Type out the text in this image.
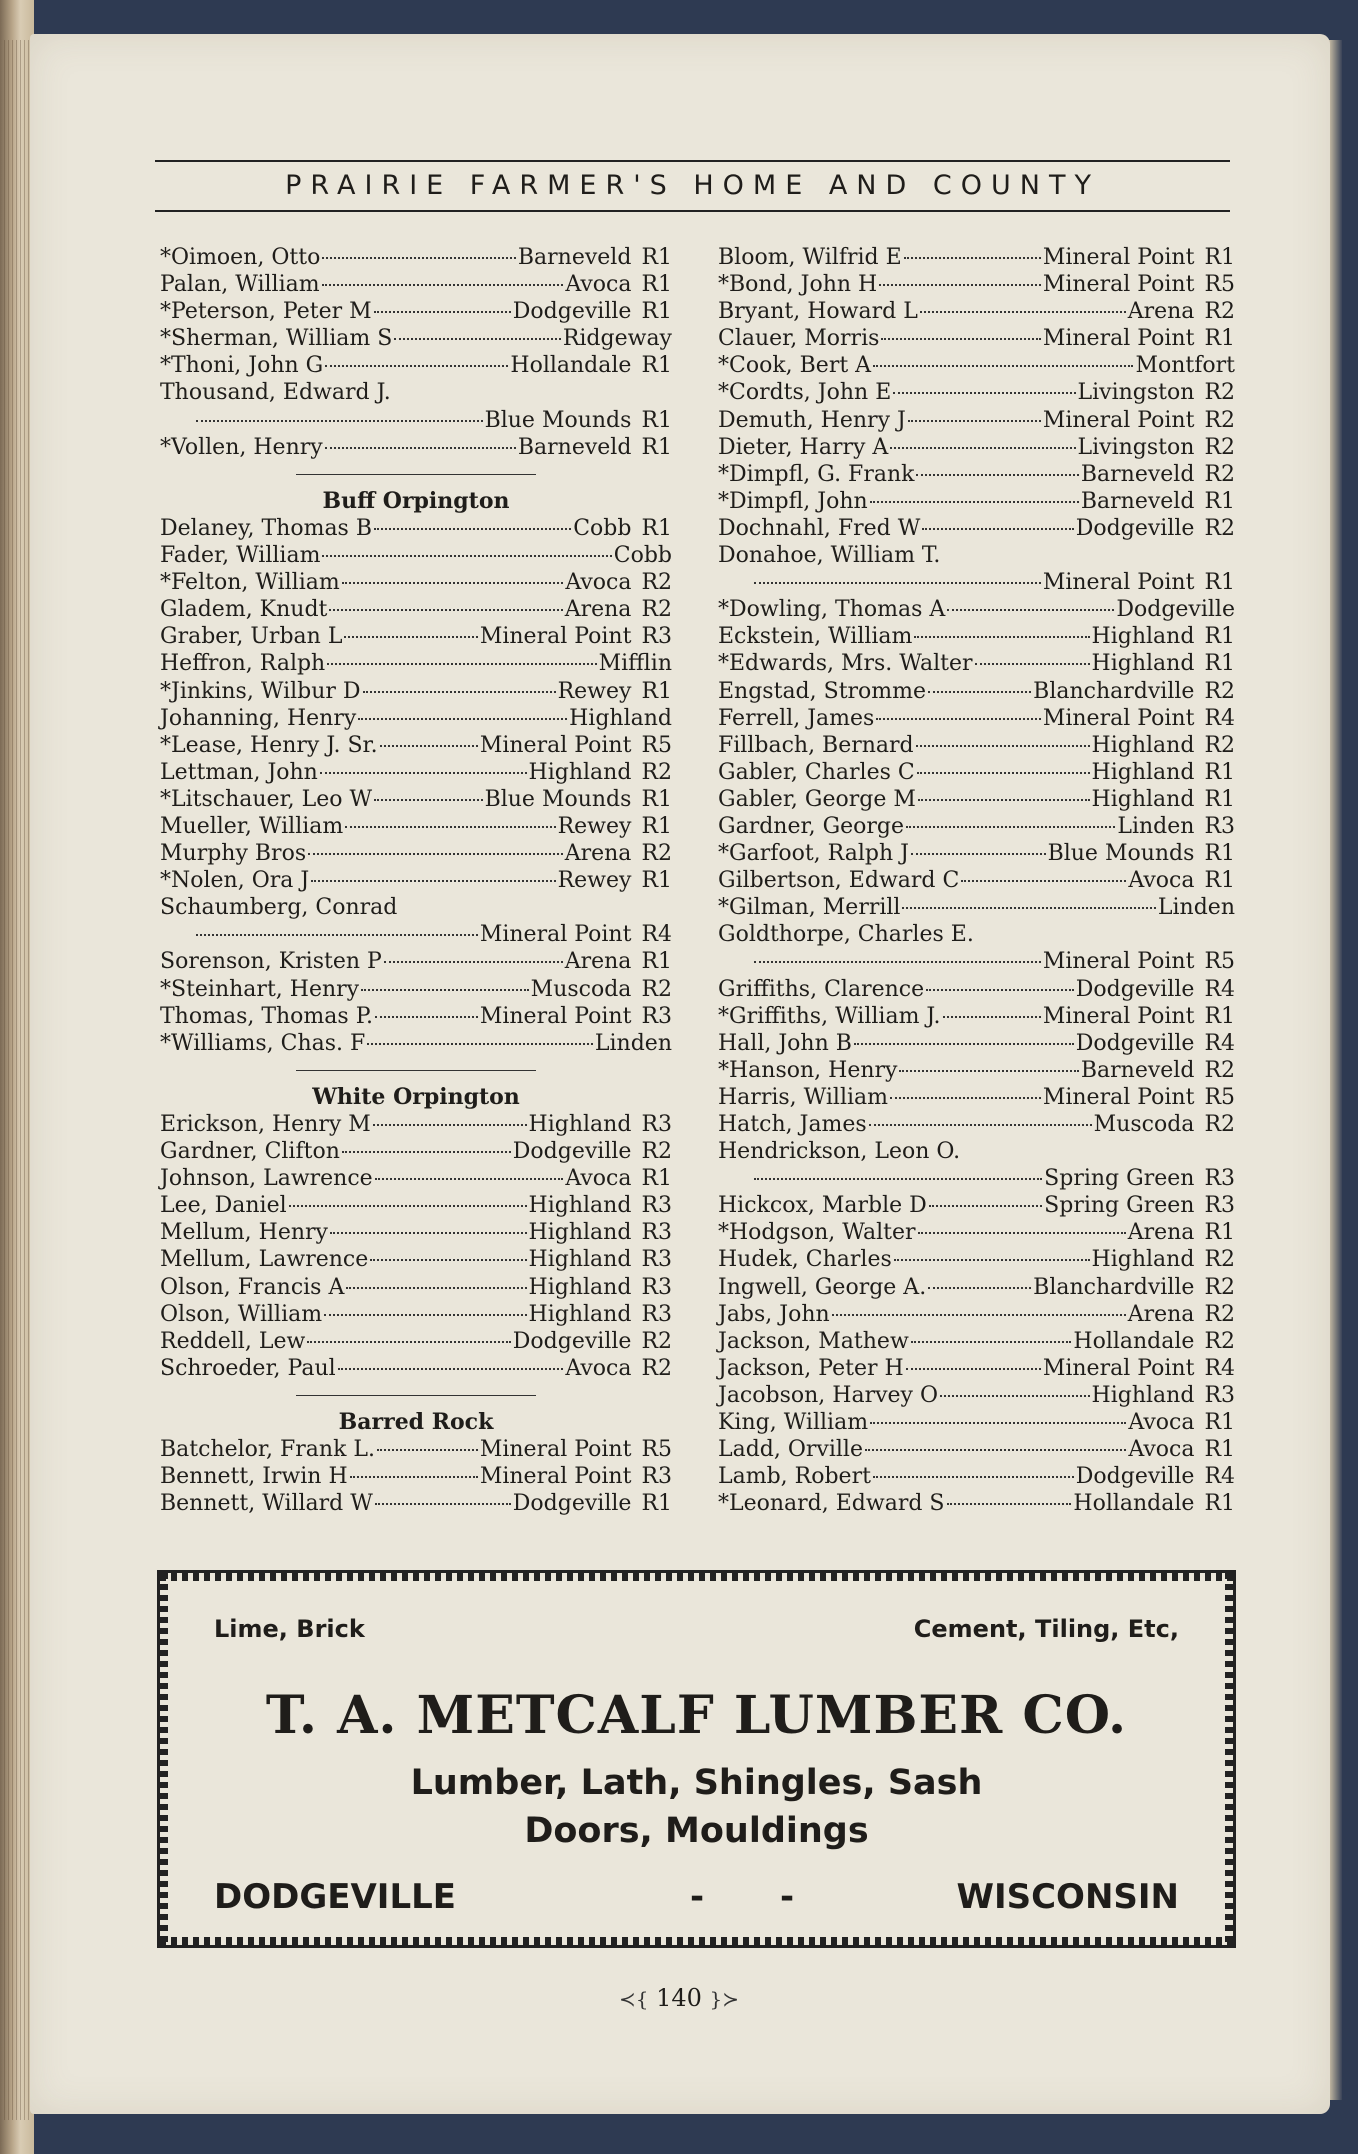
PRAIRIE FARMER'S HOME AND COUNTY
*Oimoen, Otto	Barneveld R1
Palan, William	Avoca R1
*Peterson, Peter M	Dodgeville R1
*Sherman, William S	Ridgeway
*Thoni, John G	Hollandale R1
Thousand, Edward J.
Blue Mounds R1
*Vollen, Henry	Barneveld R1
Buff Orpington
Delaney, Thomas B	Cobb R1
Fader, William	Cobb
*Felton, William	Avoca R2
Gladem, Knudt	Arena R2
Graber, Urban L	Mineral Point R3
Heffron, Ralph	Mifflin
*Jinkins, Wilbur D	Rewey R1
Johanning, Henry	Highland
*Lease, Henry J. Sr.	Mineral Point R5
Lettman, John	Highland R2
*Litschauer, Leo W	Blue Mounds R1
Mueller, William	Rewey R1
Murphy Bros	Arena R2
*Nolen, Ora J	Rewey R1
Schaumberg, Conrad
Mineral Point R4
Sorenson, Kristen P	Arena R1
*Steinhart, Henry	Muscoda R2
Thomas, Thomas P.	Mineral Point R3
*Williams, Chas. F	Linden
White Orpington
Erickson, Henry M	Highland R3
Gardner, Clifton	Dodgeville R2
Johnson, Lawrence	Avoca R1
Lee, Daniel	Highland R3
Mellum, Henry	Highland R3
Mellum, Lawrence	Highland R3
Olson, Francis A	Highland R3
Olson, William	Highland R3
Reddell, Lew	Dodgeville R2
Schroeder, Paul	Avoca R2
Barred Rock
Batchelor, Frank L.	Mineral Point R5
Bennett, Irwin H	Mineral Point R3
Bennett, Willard W	Dodgeville R1
Bloom, Wilfrid E	Mineral Point R1
*Bond, John H	Mineral Point R5
Bryant, Howard L	Arena R2
Clauer, Morris	Mineral Point R1
*Cook, Bert A	Montfort
*Cordts, John E	Livingston R2
Demuth, Henry J	Mineral Point R2
Dieter, Harry A	Livingston R2
*Dimpfl, G. Frank	Barneveld R2
*Dimpfl, John	Barneveld R1
Dochnahl, Fred W	Dodgeville R2
Donahoe, William T.
Mineral Point R1
*Dowling, Thomas A	Dodgeville
Eckstein, William	Highland R1
*Edwards, Mrs. Walter	Highland R1
Engstad, Stromme	Blanchardville R2
Ferrell, James	Mineral Point R4
Fillbach, Bernard	Highland R2
Gabler, Charles C	Highland R1
Gabler, George M	Highland R1
Gardner, George	Linden R3
*Garfoot, Ralph J	Blue Mounds R1
Gilbertson, Edward C	Avoca R1
*Gilman, Merrill	Linden
Goldthorpe, Charles E.
Mineral Point R5
Griffiths, Clarence	Dodgeville R4
*Griffiths, William J.	Mineral Point R1
Hall, John B	Dodgeville R4
*Hanson, Henry	Barneveld R2
Harris, William	Mineral Point R5
Hatch, James	Muscoda R2
Hendrickson, Leon O.
Spring Green R3
Hickcox, Marble D	Spring Green R3
*Hodgson, Walter	Arena R1
Hudek, Charles	Highland R2
Ingwell, George A.	Blanchardville R2
Jabs, John	Arena R2
Jackson, Mathew	Hollandale R2
Jackson, Peter H	Mineral Point R4
Jacobson, Harvey O	Highland R3
King, William	Avoca R1
Ladd, Orville	Avoca R1
Lamb, Robert	Dodgeville R4
*Leonard, Edward S	Hollandale R1
Lime, Brick	Cement, Tiling, Etc,
T. A. METCALF LUMBER CO.
Lumber, Lath, Shingles, Sash
Doors, Mouldings
DODGEVILLE	- -	WISCONSIN
≺{ 140 }≻
